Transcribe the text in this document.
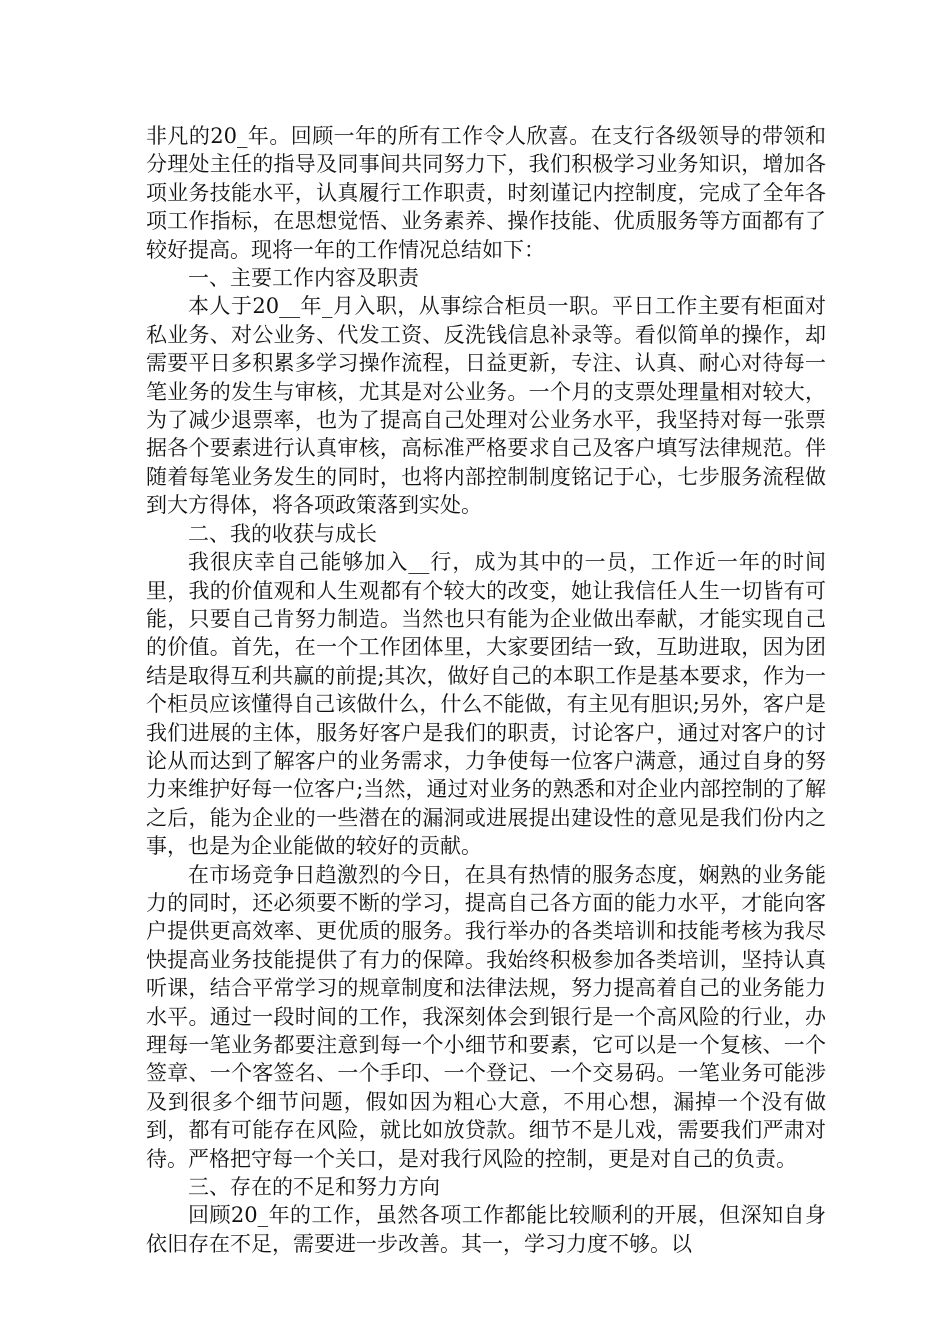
非凡的20_年。回顾一年的所有工作令人欣喜。在支行各级领导的带领和分理处主任的指导及同事间共同努力下，我们积极学习业务知识，增加各项业务技能水平，认真履行工作职责，时刻谨记内控制度，完成了全年各项工作指标，在思想觉悟、业务素养、操作技能、优质服务等方面都有了较好提高。现将一年的工作情况总结如下：

一、主要工作内容及职责

本人于20__年_月入职，从事综合柜员一职。平日工作主要有柜面对私业务、对公业务、代发工资、反洗钱信息补录等。看似简单的操作，却需要平日多积累多学习操作流程，日益更新，专注、认真、耐心对待每一笔业务的发生与审核，尤其是对公业务。一个月的支票处理量相对较大，为了减少退票率，也为了提高自己处理对公业务水平，我坚持对每一张票据各个要素进行认真审核，高标准严格要求自己及客户填写法律规范。伴随着每笔业务发生的同时，也将内部控制制度铭记于心，七步服务流程做到大方得体，将各项政策落到实处。

二、我的收获与成长

我很庆幸自己能够加入__行，成为其中的一员，工作近一年的时间里，我的价值观和人生观都有个较大的改变，她让我信任人生一切皆有可能，只要自己肯努力制造。当然也只有能为企业做出奉献，才能实现自己的价值。首先，在一个工作团体里，大家要团结一致，互助进取，因为团结是取得互利共赢的前提;其次，做好自己的本职工作是基本要求，作为一个柜员应该懂得自己该做什么，什么不能做，有主见有胆识;另外，客户是我们进展的主体，服务好客户是我们的职责，讨论客户，通过对客户的讨论从而达到了解客户的业务需求，力争使每一位客户满意，通过自身的努力来维护好每一位客户;当然，通过对业务的熟悉和对企业内部控制的了解之后，能为企业的一些潜在的漏洞或进展提出建设性的意见是我们份内之事，也是为企业能做的较好的贡献。

在市场竞争日趋激烈的今日，在具有热情的服务态度，娴熟的业务能力的同时，还必须要不断的学习，提高自己各方面的能力水平，才能向客户提供更高效率、更优质的服务。我行举办的各类培训和技能考核为我尽快提高业务技能提供了有力的保障。我始终积极参加各类培训，坚持认真听课，结合平常学习的规章制度和法律法规，努力提高着自己的业务能力水平。通过一段时间的工作，我深刻体会到银行是一个高风险的行业，办理每一笔业务都要注意到每一个小细节和要素，它可以是一个复核、一个签章、一个客签名、一个手印、一个登记、一个交易码。一笔业务可能涉及到很多个细节问题，假如因为粗心大意，不用心想，漏掉一个没有做到，都有可能存在风险，就比如放贷款。细节不是儿戏，需要我们严肃对待。严格把守每一个关口，是对我行风险的控制，更是对自己的负责。

三、存在的不足和努力方向

回顾20_年的工作，虽然各项工作都能比较顺利的开展，但深知自身依旧存在不足，需要进一步改善。其一，学习力度不够。以
